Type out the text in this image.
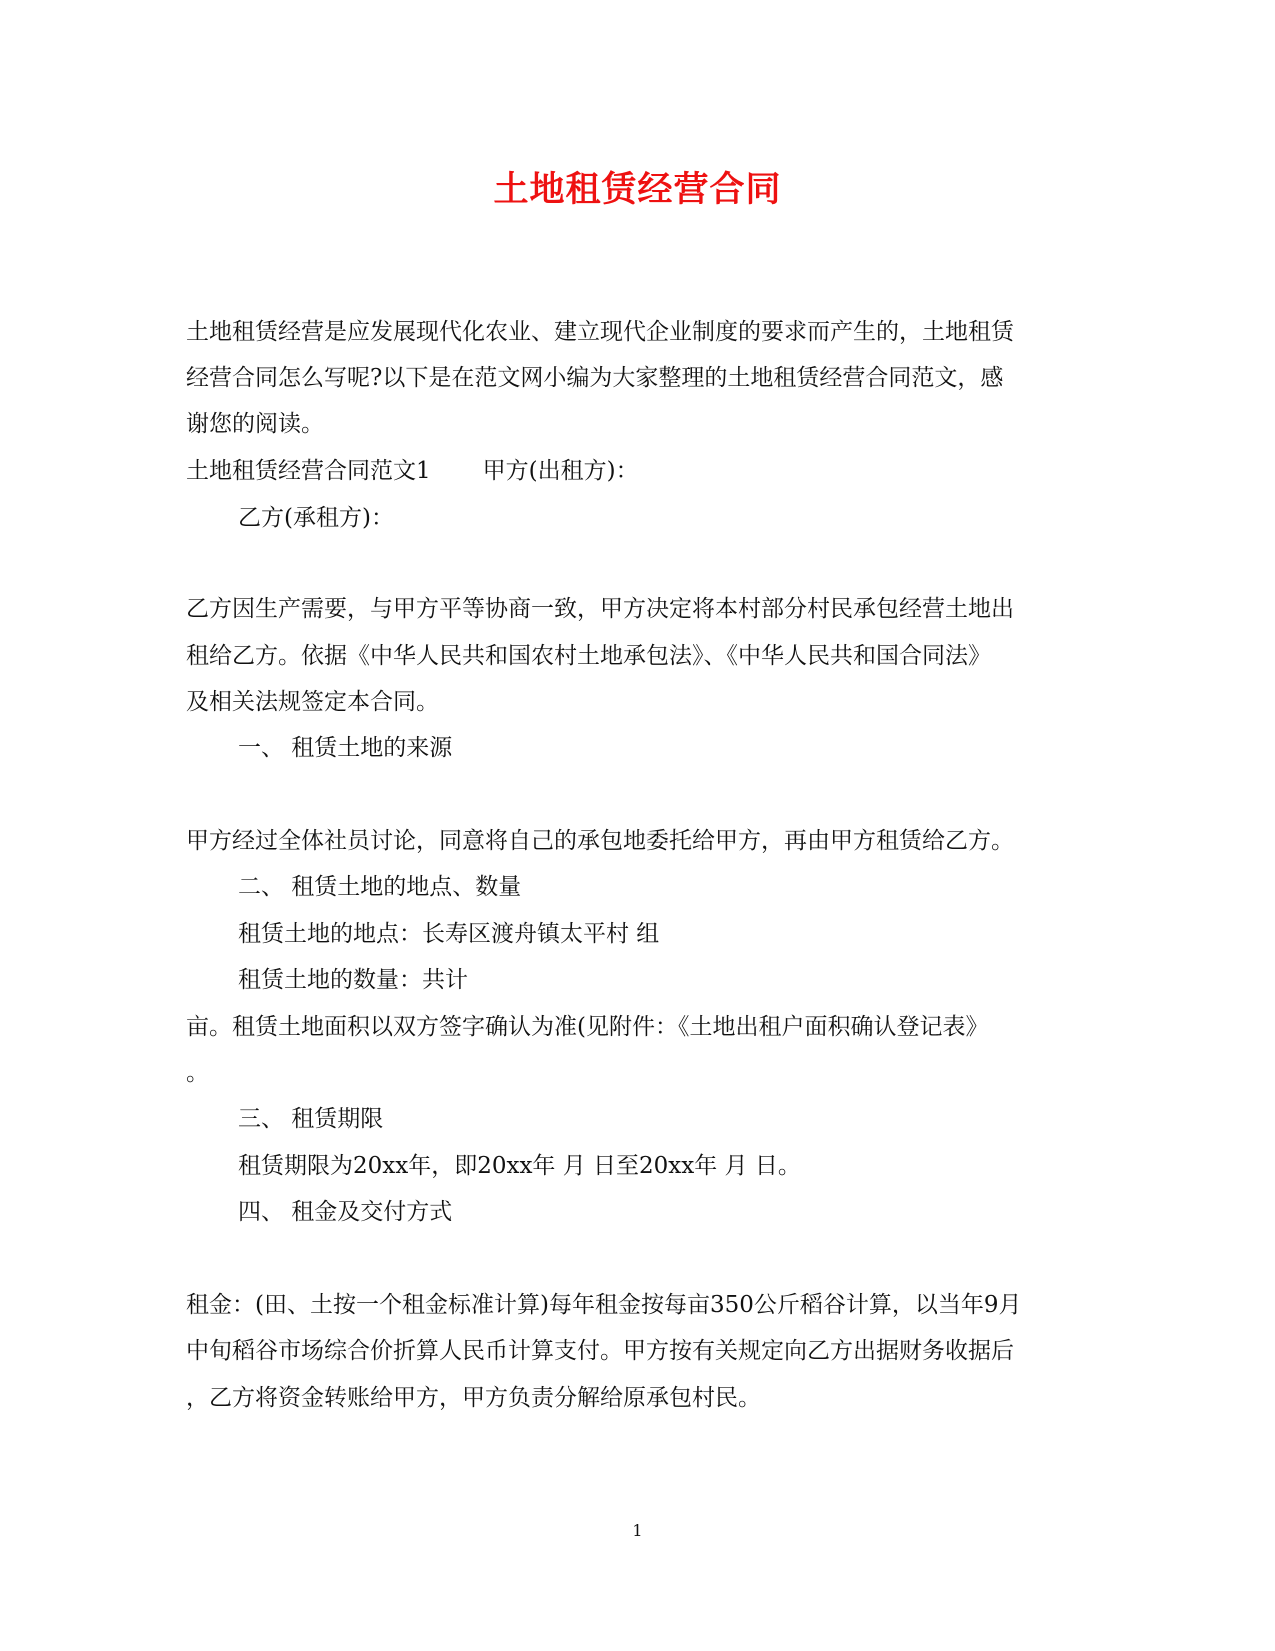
土地租赁经营合同
土地租赁经营是应发展现代化农业、建立现代企业制度的要求而产生的，土地租赁
经营合同怎么写呢?以下是在范文网小编为大家整理的土地租赁经营合同范文，感
谢您的阅读。
土地租赁经营合同范文1 甲方(出租方)：
乙方(承租方)：
乙方因生产需要，与甲方平等协商一致，甲方决定将本村部分村民承包经营土地出
租给乙方。依据《中华人民共和国农村土地承包法》、《中华人民共和国合同法》
及相关法规签定本合同。
一、 租赁土地的来源
甲方经过全体社员讨论，同意将自己的承包地委托给甲方，再由甲方租赁给乙方。
二、 租赁土地的地点、数量
租赁土地的地点：长寿区渡舟镇太平村 组
租赁土地的数量：共计
亩。租赁土地面积以双方签字确认为准(见附件：《土地出租户面积确认登记表》
。
三、 租赁期限
租赁期限为20xx年，即20xx年 月 日至20xx年 月 日。
四、 租金及交付方式
租金：(田、土按一个租金标准计算)每年租金按每亩350公斤稻谷计算，以当年9月
中旬稻谷市场综合价折算人民币计算支付。甲方按有关规定向乙方出据财务收据后
，乙方将资金转账给甲方，甲方负责分解给原承包村民。
1
